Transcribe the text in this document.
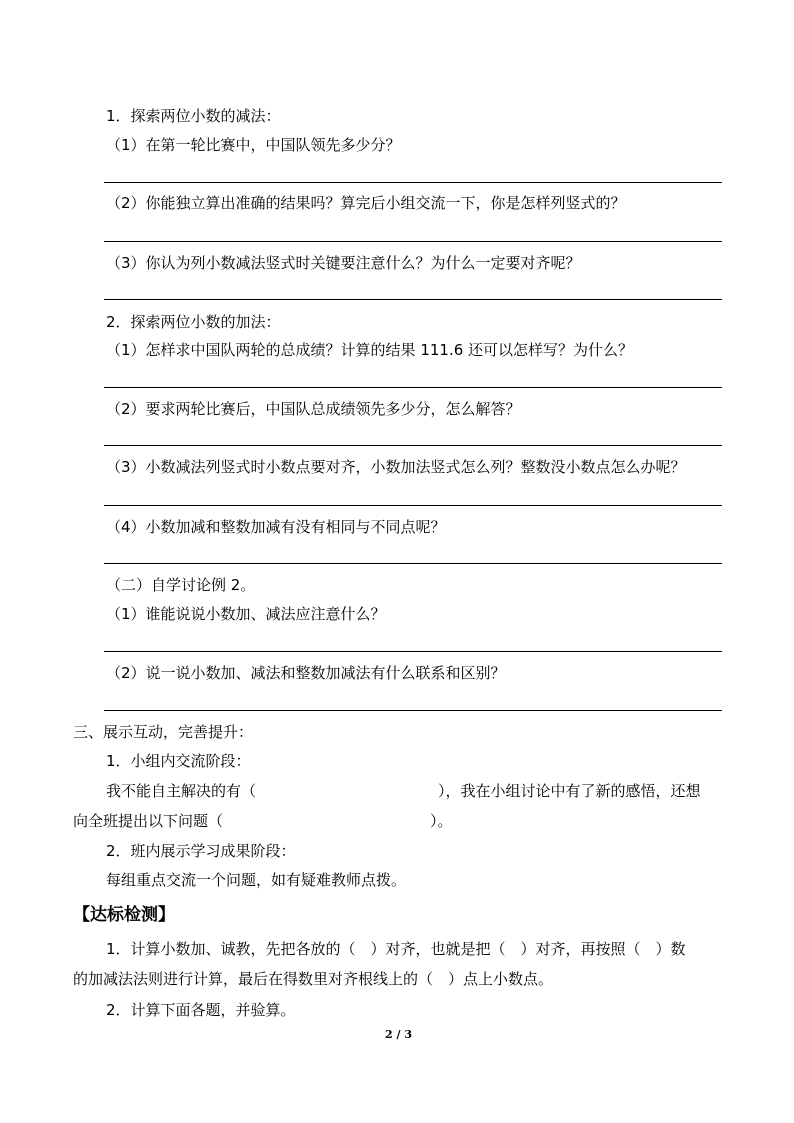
1．探索两位小数的减法：
（1）在第一轮比赛中，中国队领先多少分？
（2）你能独立算出准确的结果吗？算完后小组交流一下，你是怎样列竖式的？
（3）你认为列小数减法竖式时关键要注意什么？为什么一定要对齐呢？
2．探索两位小数的加法：
（1）怎样求中国队两轮的总成绩？计算的结果 111.6 还可以怎样写？为什么？
（2）要求两轮比赛后，中国队总成绩领先多少分，怎么解答？
（3）小数减法列竖式时小数点要对齐，小数加法竖式怎么列？整数没小数点怎么办呢？
（4）小数加减和整数加减有没有相同与不同点呢？
（二）自学讨论例 2。
（1）谁能说说小数加、减法应注意什么？
（2）说一说小数加、减法和整数加减法有什么联系和区别？
三、展示互动，完善提升：
1．小组内交流阶段：
我不能自主解决的有（	），我在小组讨论中有了新的感悟，还想
向全班提出以下问题（	）。
2．班内展示学习成果阶段：
每组重点交流一个问题，如有疑难教师点拨。
【达标检测】
1．计算小数加、诚教，先把各放的（　）对齐，也就是把（　）对齐，再按照（　）数
的加减法法则进行计算，最后在得数里对齐根线上的（　）点上小数点。
2．计算下面各题，并验算。
2 / 3
